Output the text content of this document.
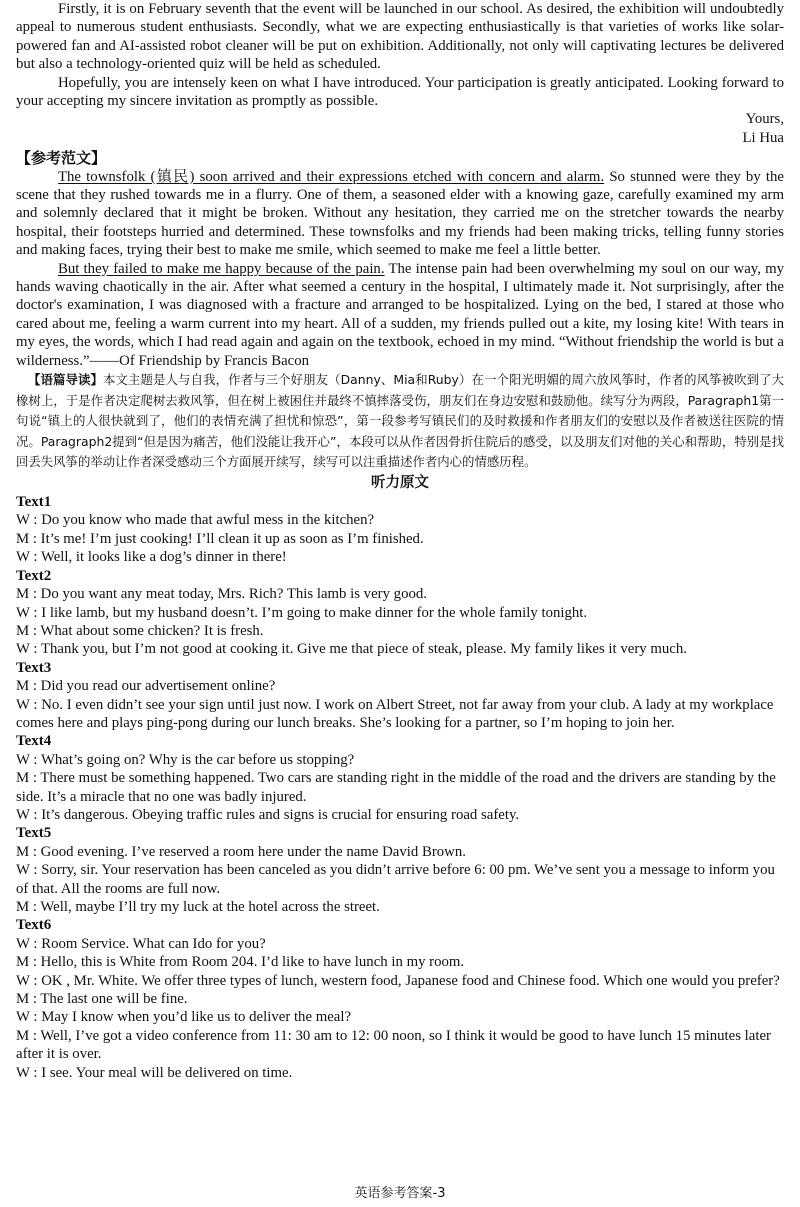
Firstly, it is on February seventh that the event will be launched in our school. As desired, the exhibition will undoubtedly appeal to numerous student enthusiasts. Secondly, what we are expecting enthusiastically is that varieties of works like solar-powered fan and AI-assisted robot cleaner will be put on exhibition. Additionally, not only will captivating lectures be delivered but also a technology-oriented quiz will be held as scheduled.

Hopefully, you are intensely keen on what I have introduced. Your participation is greatly anticipated. Looking forward to your accepting my sincere invitation as promptly as possible.

Yours,
Li Hua
【参考范文】

The townsfolk (镇民) soon arrived and their expressions etched with concern and alarm. So stunned were they by the scene that they rushed towards me in a flurry. One of them, a seasoned elder with a knowing gaze, carefully examined my arm and solemnly declared that it might be broken. Without any hesitation, they carried me on the stretcher towards the nearby hospital, their footsteps hurried and determined. These townsfolks and my friends had been making tricks, telling funny stories and making faces, trying their best to make me smile, which seemed to make me feel a little better.

But they failed to make me happy because of the pain. The intense pain had been overwhelming my soul on our way, my hands waving chaotically in the air. After what seemed a century in the hospital, I ultimately made it. Not surprisingly, after the doctor's examination, I was diagnosed with a fracture and arranged to be hospitalized. Lying on the bed, I stared at those who cared about me, feeling a warm current into my heart. All of a sudden, my friends pulled out a kite, my losing kite! With tears in my eyes, the words, which I had read again and again on the textbook, echoed in my mind. “Without friendship the world is but a wilderness.”——Of Friendship by Francis Bacon

【语篇导读】本文主题是人与自我，作者与三个好朋友（Danny、Mia和Ruby）在一个阳光明媚的周六放风筝时，作者的风筝被吹到了大橡树上，于是作者决定爬树去救风筝，但在树上被困住并最终不慎摔落受伤，朋友们在身边安慰和鼓励他。续写分为两段，Paragraph1第一句说“镇上的人很快就到了，他们的表情充满了担忧和惊恐”，第一段参考写镇民们的及时救援和作者朋友们的安慰以及作者被送往医院的情况。Paragraph2提到“但是因为痛苦，他们没能让我开心”，本段可以从作者因骨折住院后的感受，以及朋友们对他的关心和帮助，特别是找回丢失风筝的举动让作者深受感动三个方面展开续写，续写可以注重描述作者内心的情感历程。

听力原文
Text1

W : Do you know who made that awful mess in the kitchen?

M : It’s me! I’m just cooking! I’ll clean it up as soon as I’m finished.

W : Well, it looks like a dog’s dinner in there!

Text2

M : Do you want any meat today, Mrs. Rich? This lamb is very good.

W : I like lamb, but my husband doesn’t. I’m going to make dinner for the whole family tonight.

M : What about some chicken? It is fresh.

W : Thank you, but I’m not good at cooking it. Give me that piece of steak, please. My family likes it very much.

Text3

M : Did you read our advertisement online?

W : No. I even didn’t see your sign until just now. I work on Albert Street, not far away from your club. A lady at my workplace comes here and plays ping-pong during our lunch breaks. She’s looking for a partner, so I’m hoping to join her.

Text4

W : What’s going on? Why is the car before us stopping?

M : There must be something happened. Two cars are standing right in the middle of the road and the drivers are standing by the side. It’s a miracle that no one was badly injured.

W : It’s dangerous. Obeying traffic rules and signs is crucial for ensuring road safety.

Text5

M : Good evening. I’ve reserved a room here under the name David Brown.

W : Sorry, sir. Your reservation has been canceled as you didn’t arrive before 6: 00 pm. We’ve sent you a message to inform you of that. All the rooms are full now.

M : Well, maybe I’ll try my luck at the hotel across the street.

Text6

W : Room Service. What can Ido for you?

M : Hello, this is White from Room 204. I’d like to have lunch in my room.

W : OK , Mr. White. We offer three types of lunch, western food, Japanese food and Chinese food. Which one would you prefer?

M : The last one will be fine.

W : May I know when you’d like us to deliver the meal?

M : Well, I’ve got a video conference from 11: 30 am to 12: 00 noon, so I think it would be good to have lunch 15 minutes later after it is over.

W : I see. Your meal will be delivered on time.

英语参考答案-3
